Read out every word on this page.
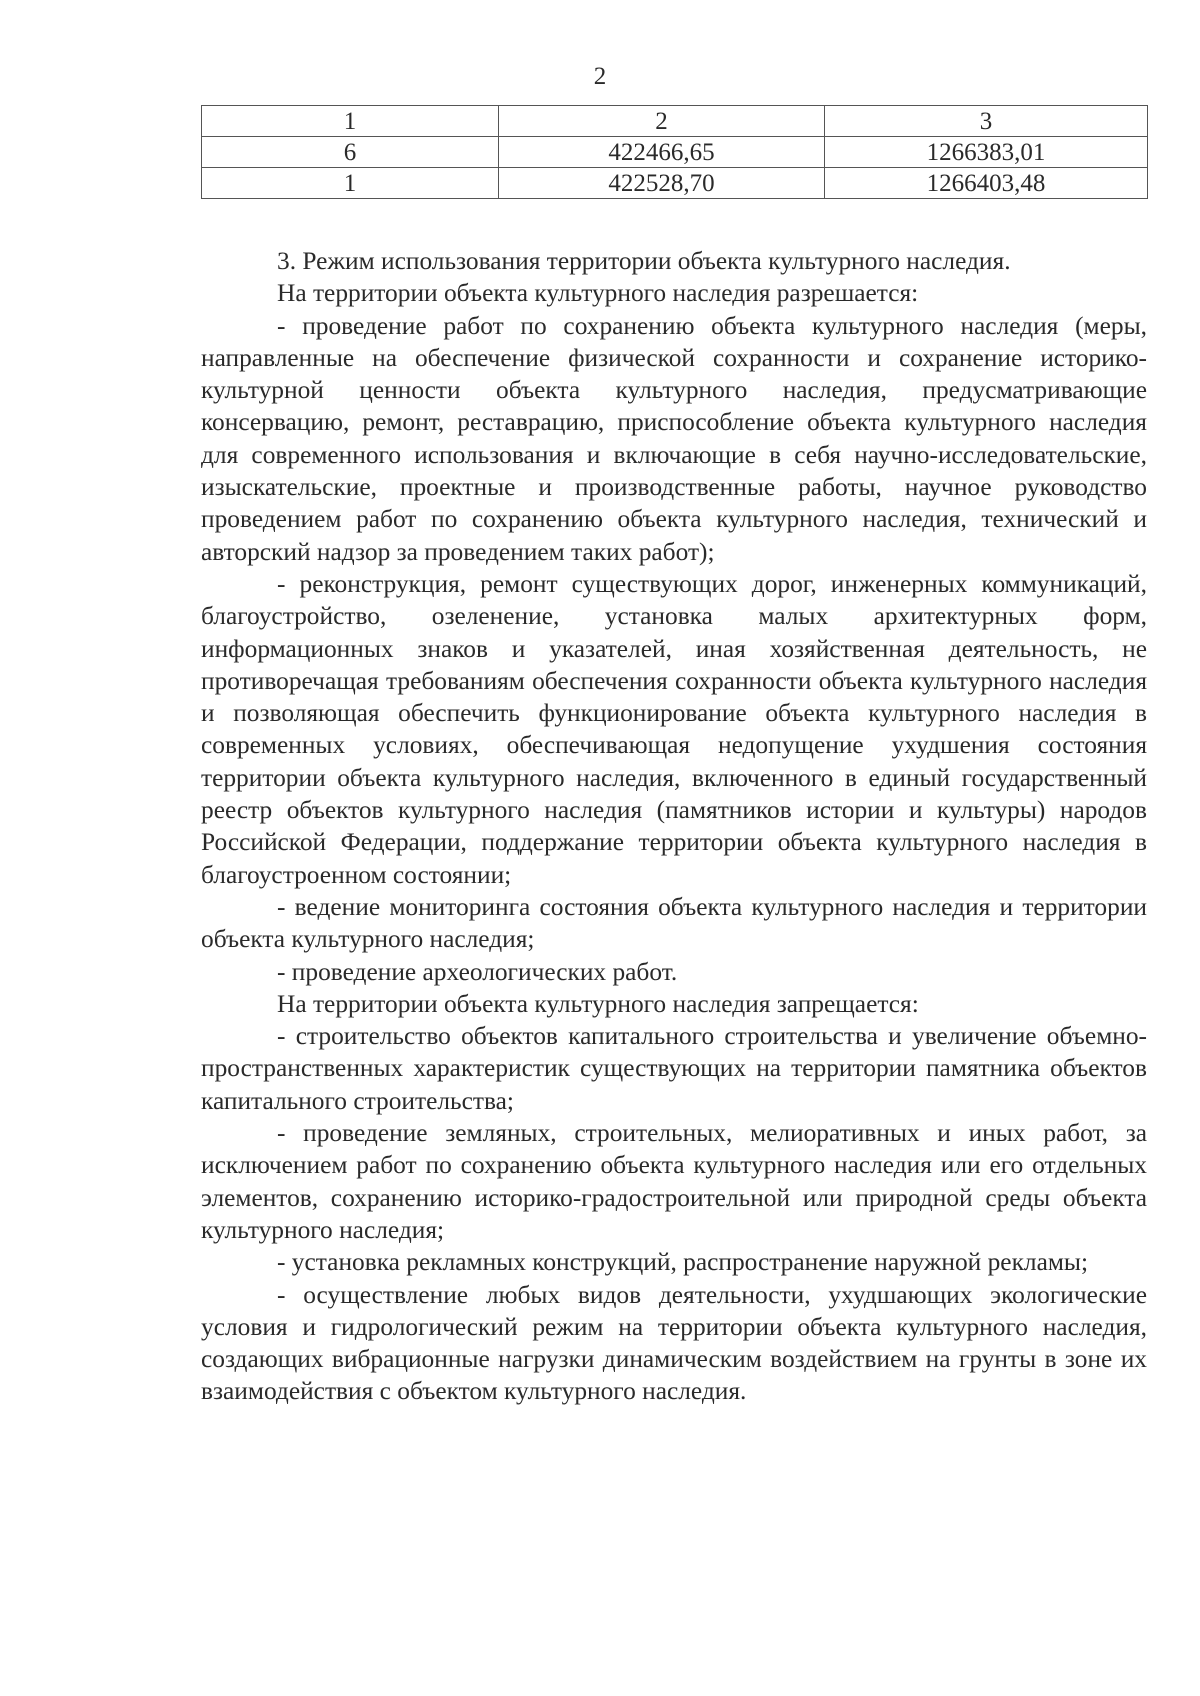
2
1	2	3
6	422466,65	1266383,01
1	422528,70	1266403,48

3. Режим использования территории объекта культурного наследия.

На территории объекта культурного наследия разрешается:

- проведение работ по сохранению объекта культурного наследия (меры, направленные на обеспечение физической сохранности и сохранение историко-культурной ценности объекта культурного наследия, предусматривающие консервацию, ремонт, реставрацию, приспособление объекта культурного наследия для современного использования и включающие в себя научно-исследовательские, изыскательские, проектные и производственные работы, научное руководство проведением работ по сохранению объекта культурного наследия, технический и авторский надзор за проведением таких работ);

- реконструкция, ремонт существующих дорог, инженерных коммуникаций, благоустройство, озеленение, установка малых архитектурных форм, информационных знаков и указателей, иная хозяйственная деятельность, не противоречащая требованиям обеспечения сохранности объекта культурного наследия и позволяющая обеспечить функционирование объекта культурного наследия в современных условиях, обеспечивающая недопущение ухудшения состояния территории объекта культурного наследия, включенного в единый государственный реестр объектов культурного наследия (памятников истории и культуры) народов Российской Федерации, поддержание территории объекта культурного наследия в благоустроенном состоянии;

- ведение мониторинга состояния объекта культурного наследия и территории объекта культурного наследия;

- проведение археологических работ.

На территории объекта культурного наследия запрещается:

- строительство объектов капитального строительства и увеличение объемно-пространственных характеристик существующих на территории памятника объектов капитального строительства;

- проведение земляных, строительных, мелиоративных и иных работ, за исключением работ по сохранению объекта культурного наследия или его отдельных элементов, сохранению историко-градостроительной или природной среды объекта культурного наследия;

- установка рекламных конструкций, распространение наружной рекламы;

- осуществление любых видов деятельности, ухудшающих экологические условия и гидрологический режим на территории объекта культурного наследия, создающих вибрационные нагрузки динамическим воздействием на грунты в зоне их взаимодействия с объектом культурного наследия.
